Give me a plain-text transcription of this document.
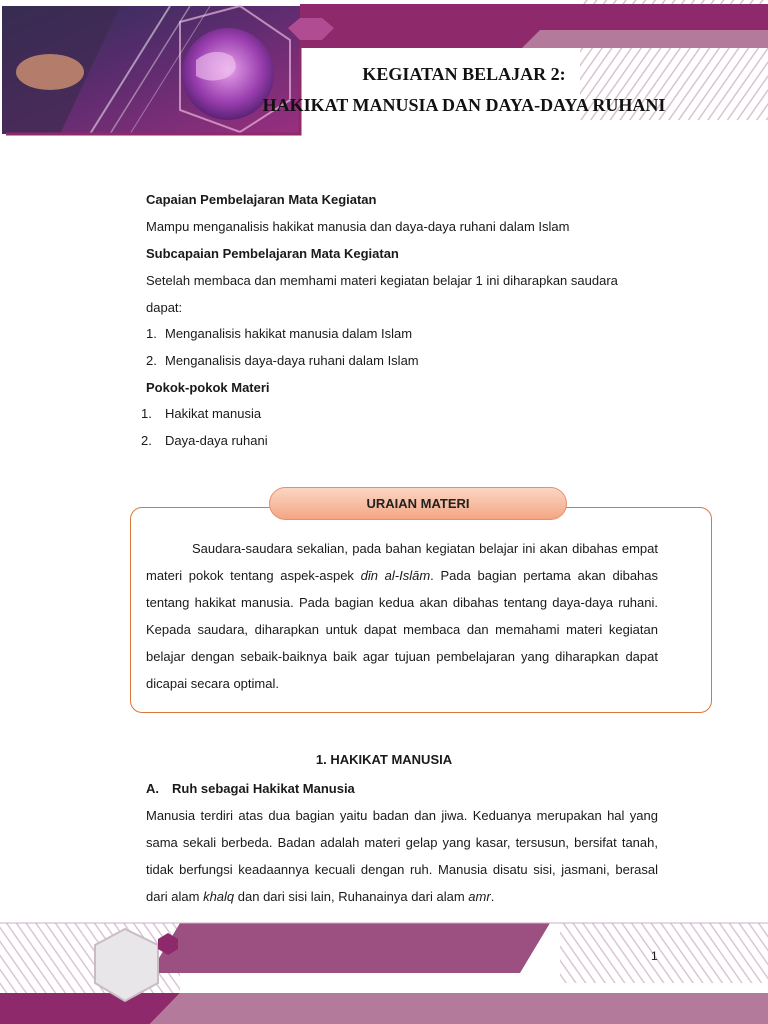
KEGIATAN BELAJAR 2:
HAKIKAT MANUSIA DAN DAYA-DAYA RUHANI
Capaian Pembelajaran Mata Kegiatan
Mampu menganalisis hakikat manusia dan daya-daya ruhani dalam Islam
Subcapaian Pembelajaran Mata Kegiatan
Setelah membaca dan memhami materi kegiatan belajar 1 ini diharapkan saudara
dapat:
1. Menganalisis hakikat manusia dalam Islam
2. Menganalisis daya-daya ruhani dalam Islam
Pokok-pokok Materi
1. Hakikat manusia
2. Daya-daya ruhani
URAIAN MATERI
Saudara-saudara sekalian, pada bahan kegiatan belajar ini akan dibahas empat materi pokok tentang aspek-aspek dīn al-Islām. Pada bagian pertama akan dibahas tentang hakikat manusia. Pada bagian kedua akan dibahas tentang daya-daya ruhani. Kepada saudara, diharapkan untuk dapat membaca dan memahami materi kegiatan belajar dengan sebaik-baiknya baik agar tujuan pembelajaran yang diharapkan dapat dicapai secara optimal.
1. HAKIKAT MANUSIA
A. Ruh sebagai Hakikat Manusia
Manusia terdiri atas dua bagian yaitu badan dan jiwa. Keduanya merupakan hal yang sama sekali berbeda. Badan adalah materi gelap yang kasar, tersusun, bersifat tanah, tidak berfungsi keadaannya kecuali dengan ruh. Manusia disatu sisi, jasmani, berasal dari alam khalq dan dari sisi lain, Ruhanainya dari alam amr.
1
